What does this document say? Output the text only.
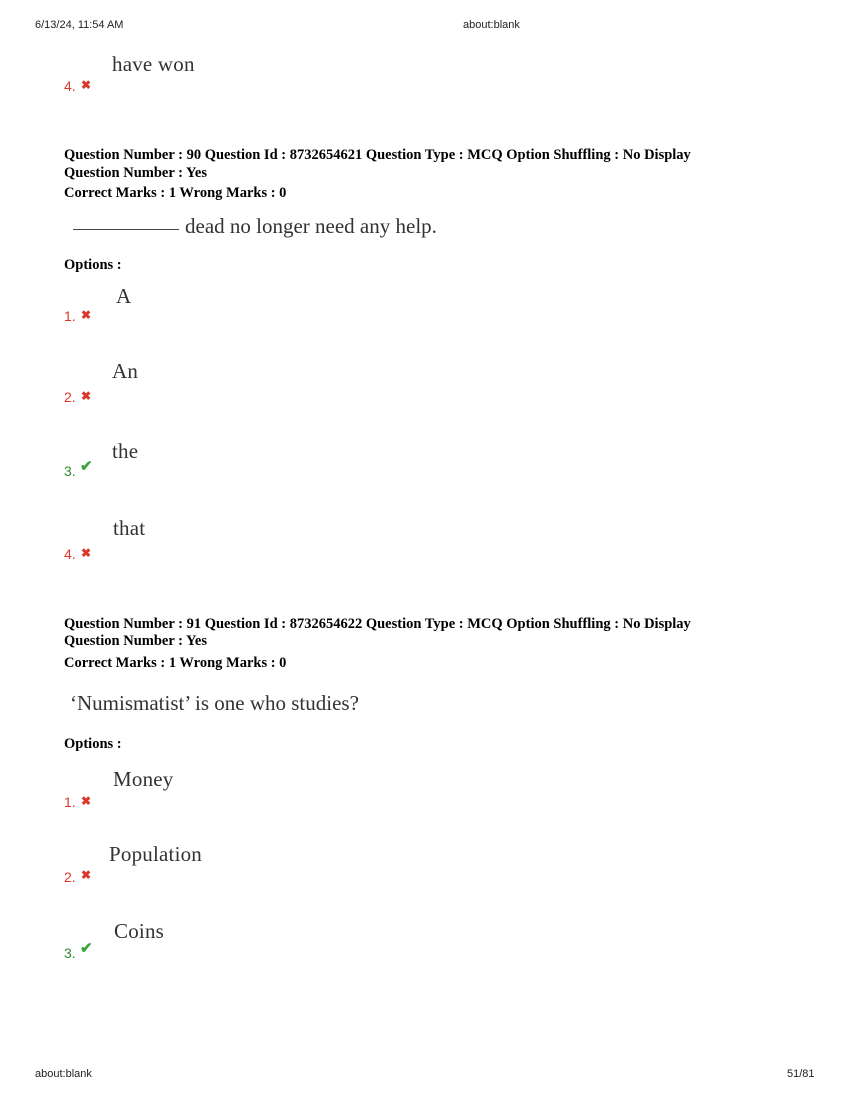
6/13/24, 11:54 AM	about:blank
have won
4. ✖
Question Number : 90 Question Id : 8732654621 Question Type : MCQ Option Shuffling : No Display
Question Number : Yes
Correct Marks : 1 Wrong Marks : 0
dead no longer need any help.
Options :
A
1. ✖
An
2. ✖
the
3. ✔
that
4. ✖
Question Number : 91 Question Id : 8732654622 Question Type : MCQ Option Shuffling : No Display
Question Number : Yes
Correct Marks : 1 Wrong Marks : 0
‘Numismatist’ is one who studies?
Options :
Money
1. ✖
Population
2. ✖
Coins
3. ✔
about:blank	51/81
